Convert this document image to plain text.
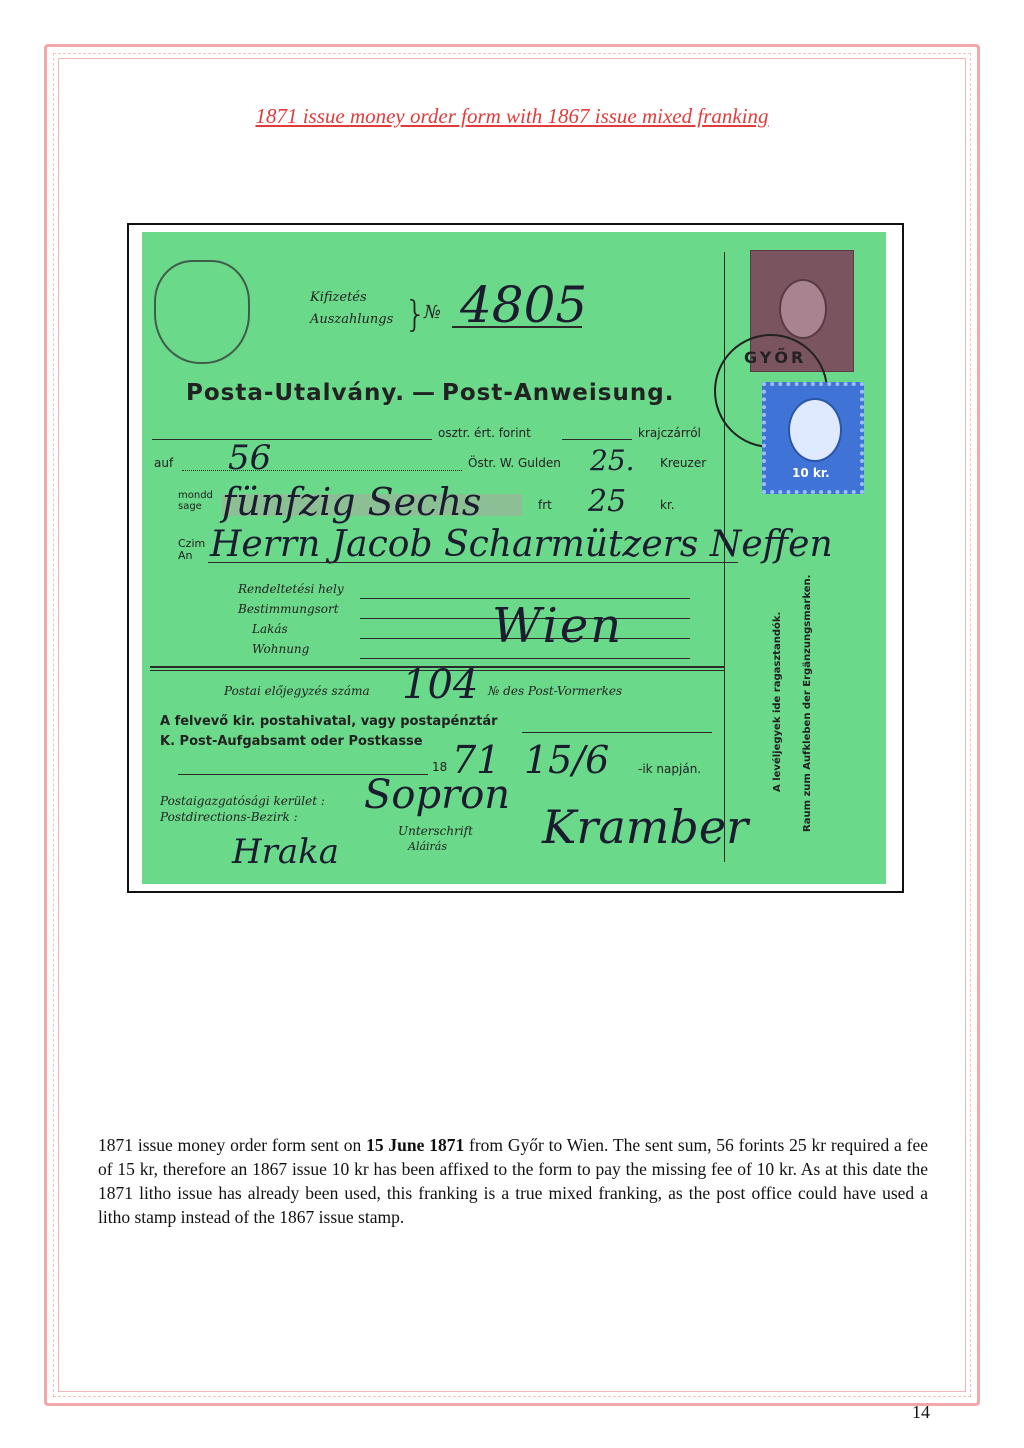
1871 issue money order form with 1867 issue mixed franking
Kifizetés
Auszahlungs }
№ 4805
Posta-Utalvány. — Post-Anweisung.
osztr. ért. forint	krajczárról
auf 56	Östr. W. Gulden 25. Kreuzer
mondd sage fünfzig Sechs	frt 25	kr.
Czim An Herrn Jacob Scharmützers Neffen
Rendeltetési hely
Bestimmungsort
Lakás
Wohnung	Wien
Postai előjegyzés száma 104 № des Post-Vormerkes
A felvevő kir. postahivatal, vagy postapénztár
K. Post-Aufgabsamt oder Postkasse
18 71 15/6 -ik napján.
Postaigazgatósági kerület :
Postdirections-Bezirk : Sopron
Hraka
Unterschrift
Aláirás Kramber
A levéljegyek ide ragasztandók. Raum zum Aufkleben der Ergänzungsmarken.
GYŐR
10 kr.
1871 issue money order form sent on 15 June 1871 from Győr to Wien. The sent sum, 56 forints 25 kr required a fee of 15 kr, therefore an 1867 issue 10 kr has been affixed to the form to pay the missing fee of 10 kr. As at this date the 1871 litho issue has already been used, this franking is a true mixed franking, as the post office could have used a litho stamp instead of the 1867 issue stamp.
14
